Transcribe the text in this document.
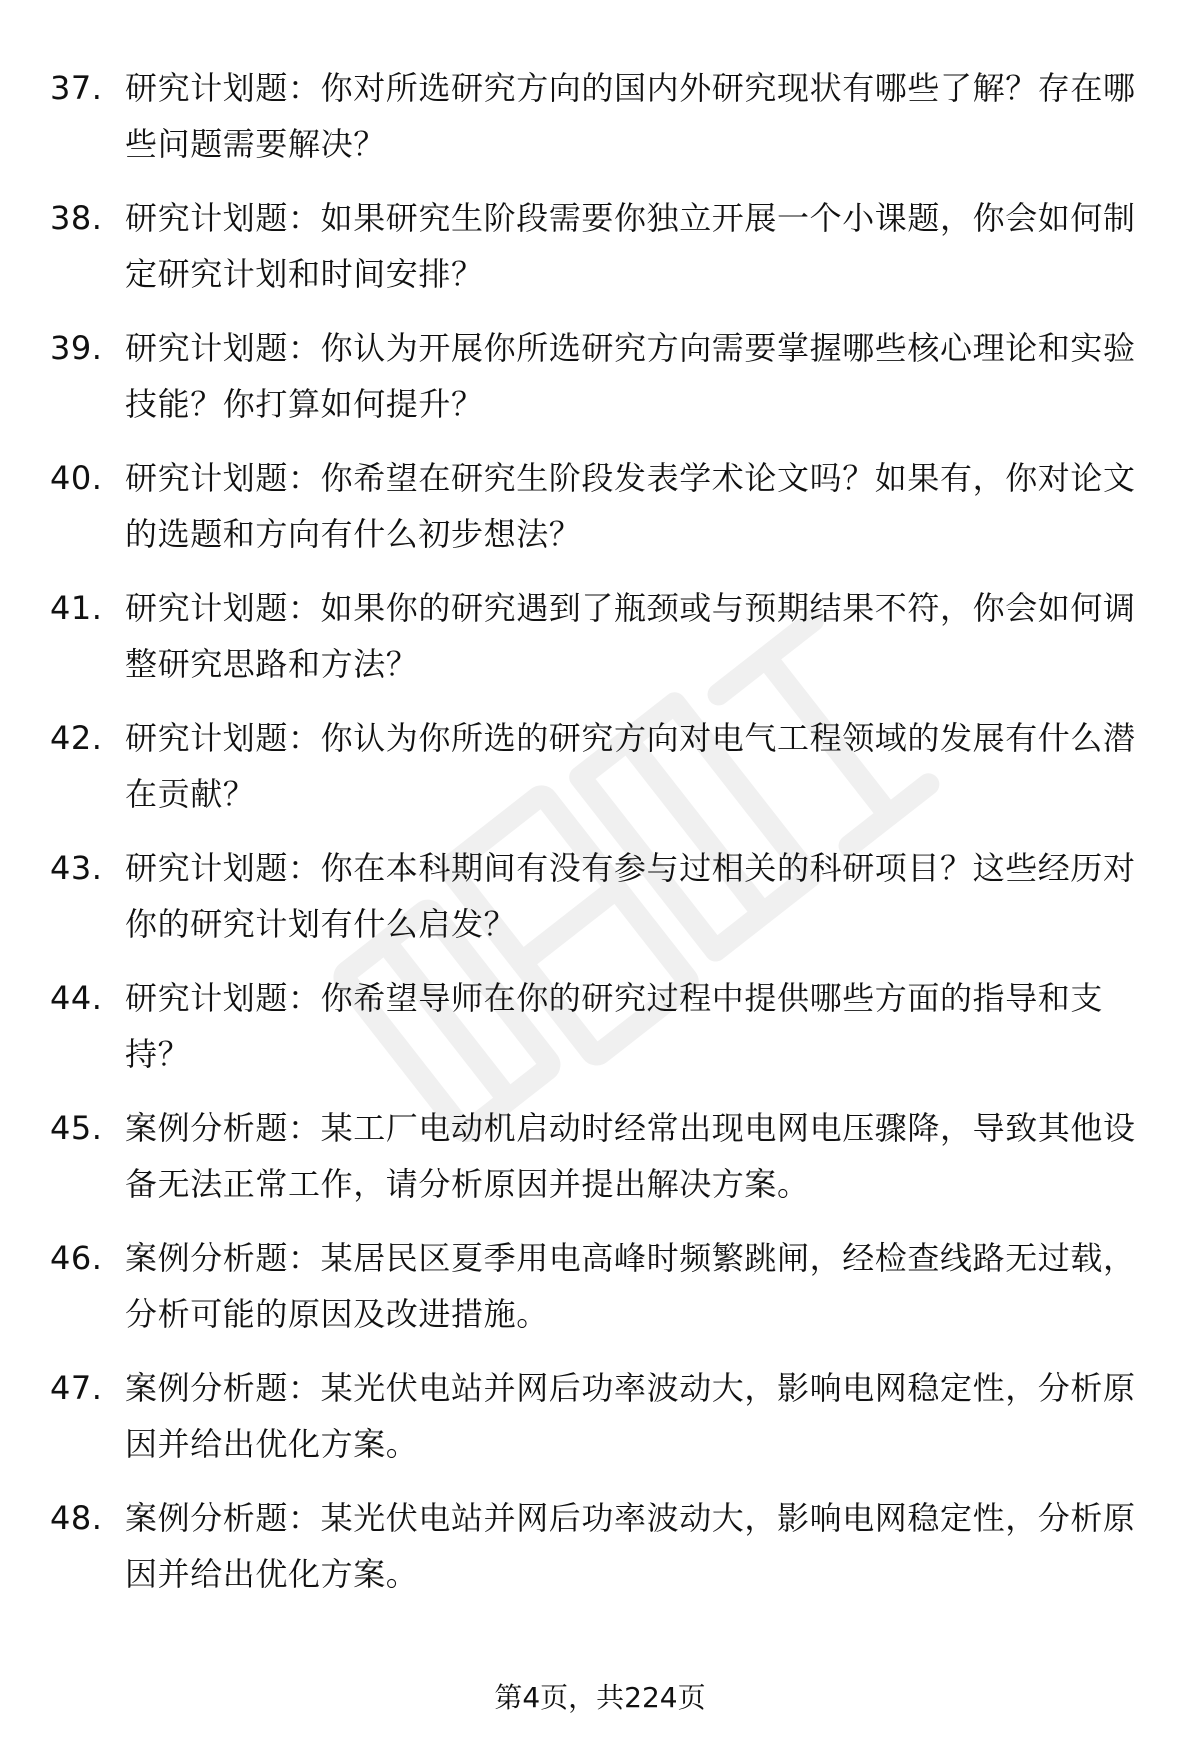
37. 研究计划题：你对所选研究方向的国内外研究现状有哪些了解？存在哪些问题需要解决？
38. 研究计划题：如果研究生阶段需要你独立开展一个小课题，你会如何制定研究计划和时间安排？
39. 研究计划题：你认为开展你所选研究方向需要掌握哪些核心理论和实验技能？你打算如何提升？
40. 研究计划题：你希望在研究生阶段发表学术论文吗？如果有，你对论文的选题和方向有什么初步想法？
41. 研究计划题：如果你的研究遇到了瓶颈或与预期结果不符，你会如何调整研究思路和方法？
42. 研究计划题：你认为你所选的研究方向对电气工程领域的发展有什么潜在贡献？
43. 研究计划题：你在本科期间有没有参与过相关的科研项目？这些经历对你的研究计划有什么启发？
44. 研究计划题：你希望导师在你的研究过程中提供哪些方面的指导和支持？
45. 案例分析题：某工厂电动机启动时经常出现电网电压骤降，导致其他设备无法正常工作，请分析原因并提出解决方案。
46. 案例分析题：某居民区夏季用电高峰时频繁跳闸，经检查线路无过载，分析可能的原因及改进措施。
47. 案例分析题：某光伏电站并网后功率波动大，影响电网稳定性，分析原因并给出优化方案。
48. 案例分析题：某光伏电站并网后功率波动大，影响电网稳定性，分析原因并给出优化方案。
第4页，共224页
